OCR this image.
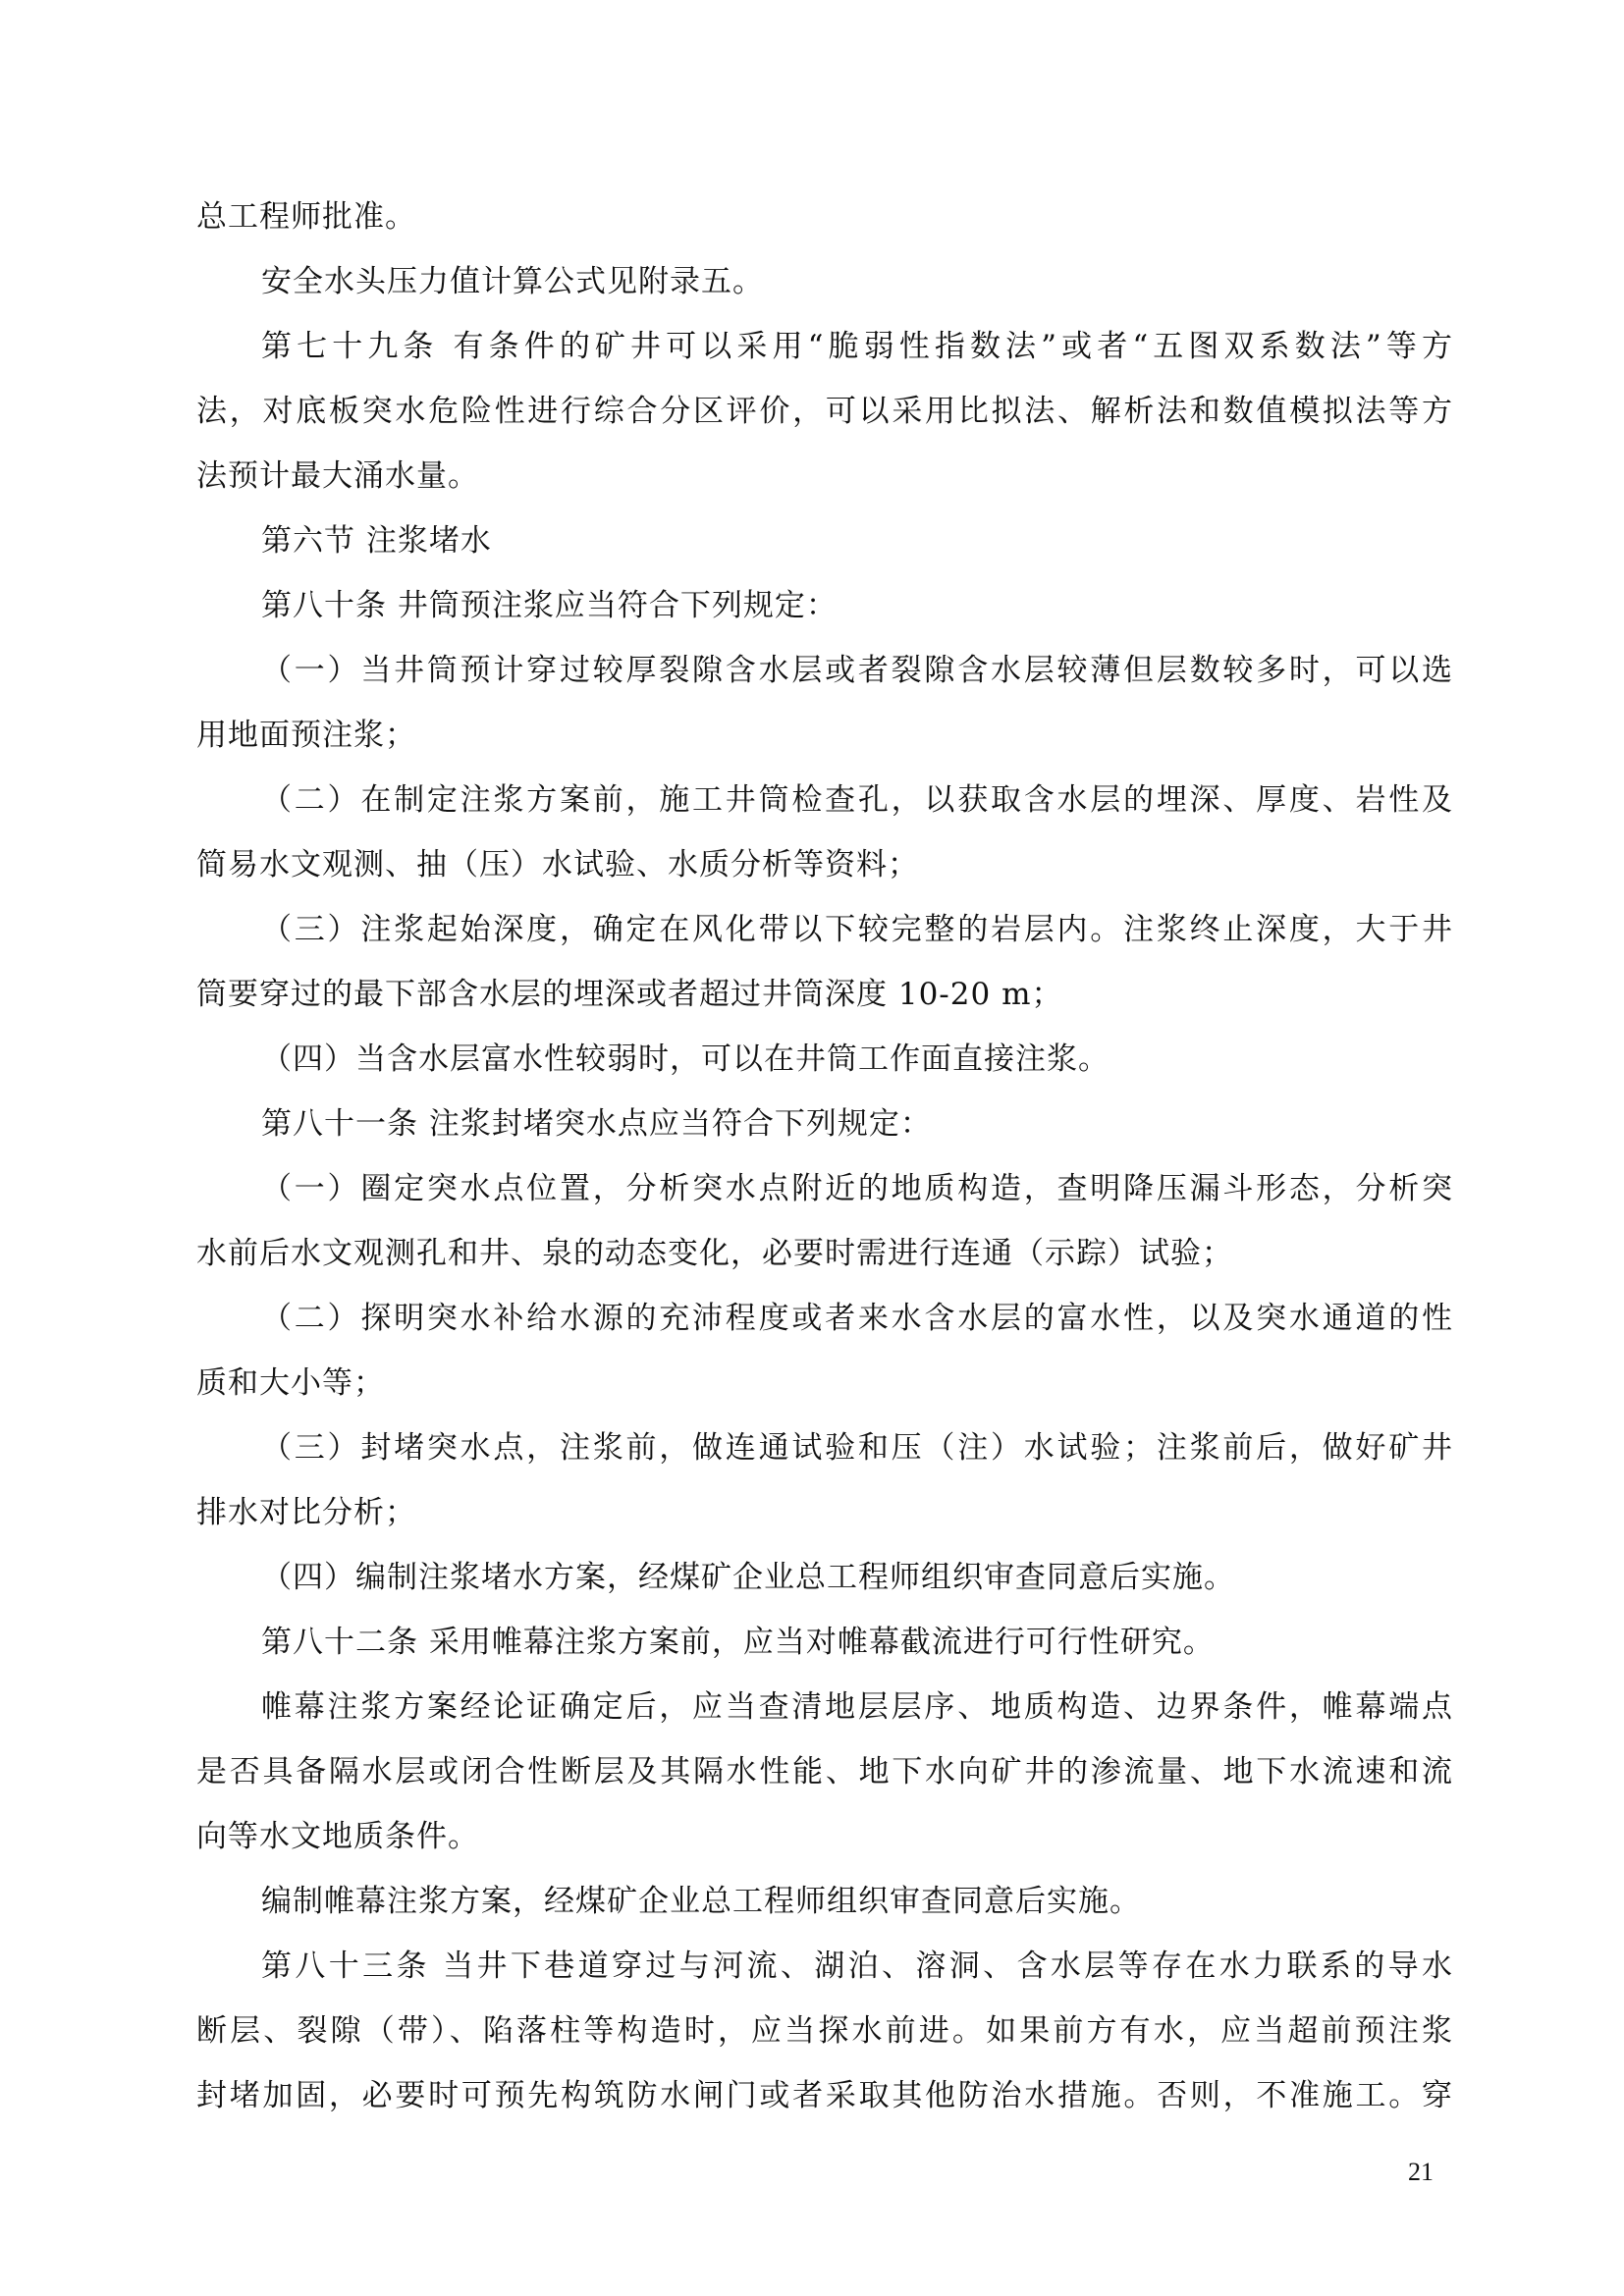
总工程师批准。
安全水头压力值计算公式见附录五。
第七十九条 有条件的矿井可以采用“脆弱性指数法”或者“五图双系数法”等方
法，对底板突水危险性进行综合分区评价，可以采用比拟法、解析法和数值模拟法等方
法预计最大涌水量。
第六节 注浆堵水
第八十条 井筒预注浆应当符合下列规定：
（一）当井筒预计穿过较厚裂隙含水层或者裂隙含水层较薄但层数较多时，可以选
用地面预注浆；
（二）在制定注浆方案前，施工井筒检查孔，以获取含水层的埋深、厚度、岩性及
简易水文观测、抽（压）水试验、水质分析等资料；
（三）注浆起始深度，确定在风化带以下较完整的岩层内。注浆终止深度，大于井
筒要穿过的最下部含水层的埋深或者超过井筒深度 10-20 m；
（四）当含水层富水性较弱时，可以在井筒工作面直接注浆。
第八十一条 注浆封堵突水点应当符合下列规定：
（一）圈定突水点位置，分析突水点附近的地质构造，查明降压漏斗形态，分析突
水前后水文观测孔和井、泉的动态变化，必要时需进行连通（示踪）试验；
（二）探明突水补给水源的充沛程度或者来水含水层的富水性，以及突水通道的性
质和大小等；
（三）封堵突水点，注浆前，做连通试验和压（注）水试验；注浆前后，做好矿井
排水对比分析；
（四）编制注浆堵水方案，经煤矿企业总工程师组织审查同意后实施。
第八十二条 采用帷幕注浆方案前，应当对帷幕截流进行可行性研究。
帷幕注浆方案经论证确定后，应当查清地层层序、地质构造、边界条件，帷幕端点
是否具备隔水层或闭合性断层及其隔水性能、地下水向矿井的渗流量、地下水流速和流
向等水文地质条件。
编制帷幕注浆方案，经煤矿企业总工程师组织审查同意后实施。
第八十三条 当井下巷道穿过与河流、湖泊、溶洞、含水层等存在水力联系的导水
断层、裂隙（带）、陷落柱等构造时，应当探水前进。如果前方有水，应当超前预注浆
封堵加固，必要时可预先构筑防水闸门或者采取其他防治水措施。否则，不准施工。穿
21
